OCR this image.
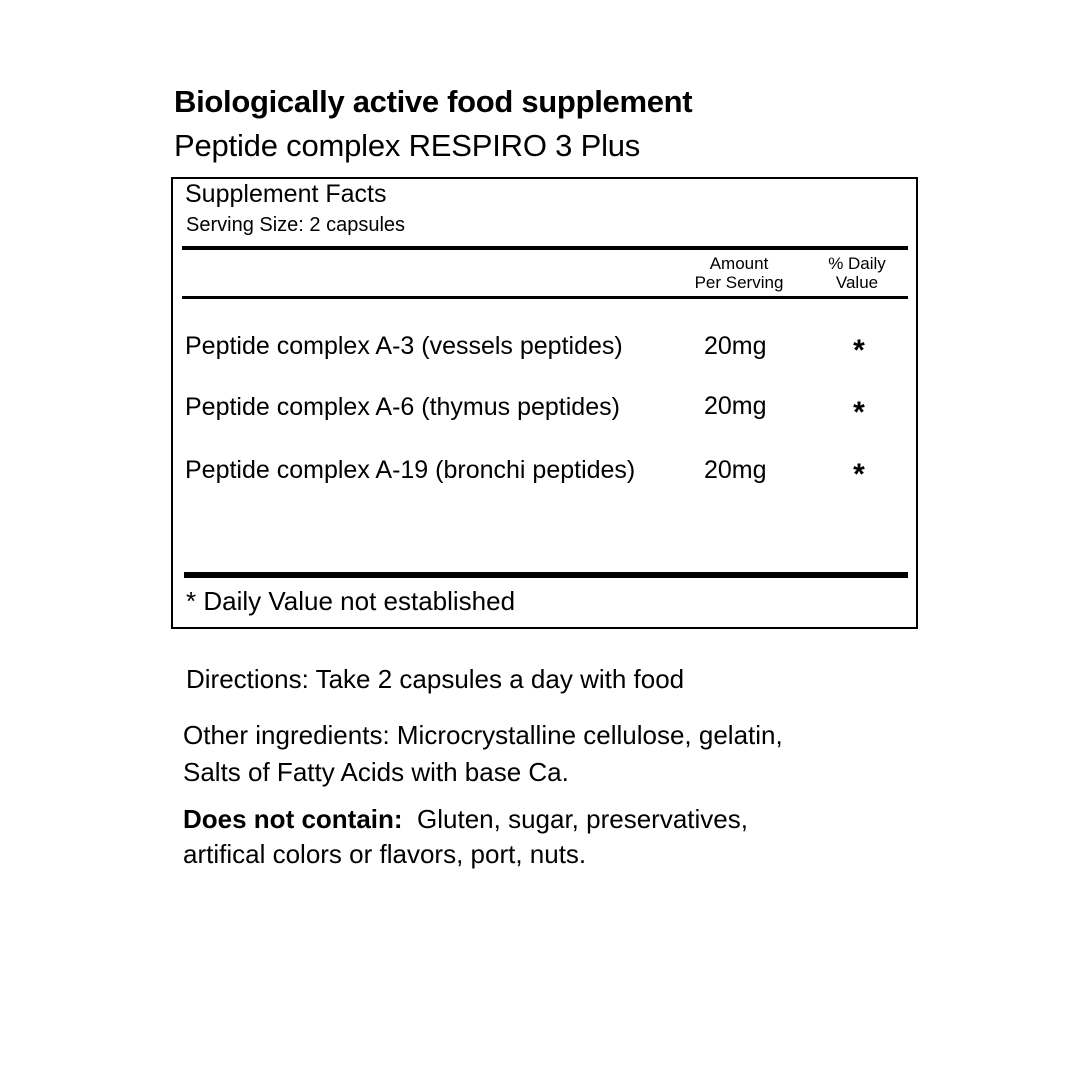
Biologically active food supplement
Peptide complex RESPIRO 3 Plus
Supplement Facts
Serving Size: 2 capsules
Amount
Per Serving
% Daily
Value
Peptide complex A-3 (vessels peptides)	20mg	*
Peptide complex A-6 (thymus peptides)	20mg	*
Peptide complex A-19 (bronchi peptides)	20mg	*
* Daily Value not established
Directions: Take 2 capsules a day with food
Other ingredients: Microcrystalline cellulose, gelatin,
Salts of Fatty Acids with base Ca.
Does not contain: Gluten, sugar, preservatives,
artifical colors or flavors, port, nuts.
